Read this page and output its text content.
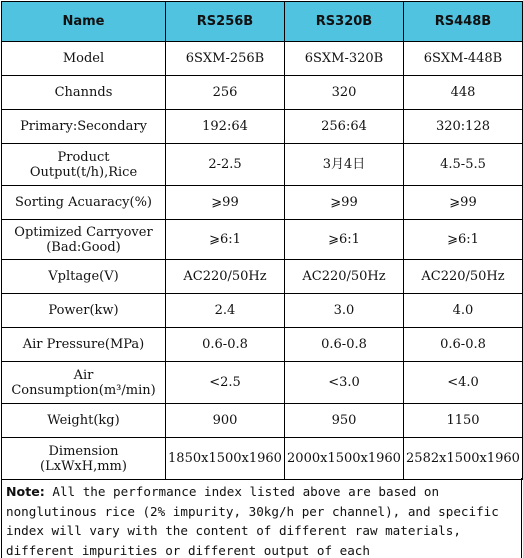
Name	RS256B	RS320B	RS448B

Model	6SXM-256B	6SXM-320B	6SXM-448B

Channds	256	320	448

Primary:Secondary	192:64	256:64	320:128

Product
Output(t/h),Rice	2-2.5	3月4日	4.5-5.5

Sorting Acuaracy(%)	⩾99	⩾99	⩾99

Optimized Carryover
(Bad:Good)	⩾6:1	⩾6:1	⩾6:1

Vpltage(V)	AC220/50Hz	AC220/50Hz	AC220/50Hz

Power(kw)	2.4	3.0	4.0

Air Pressure(MPa)	0.6-0.8	0.6-0.8	0.6-0.8

Air
Consumption(m³/min)	<2.5	<3.0	<4.0

Weight(kg)	900	950	1150

Dimension
(LxWxH,mm)	1850x1500x1960	2000x1500x1960	2582x1500x1960
Note: All the performance index listed above are based on nonglutinous rice (2% impurity, 30kg/h per channel), and specific index will vary with the content of different raw materials, different impurities or different output of each
